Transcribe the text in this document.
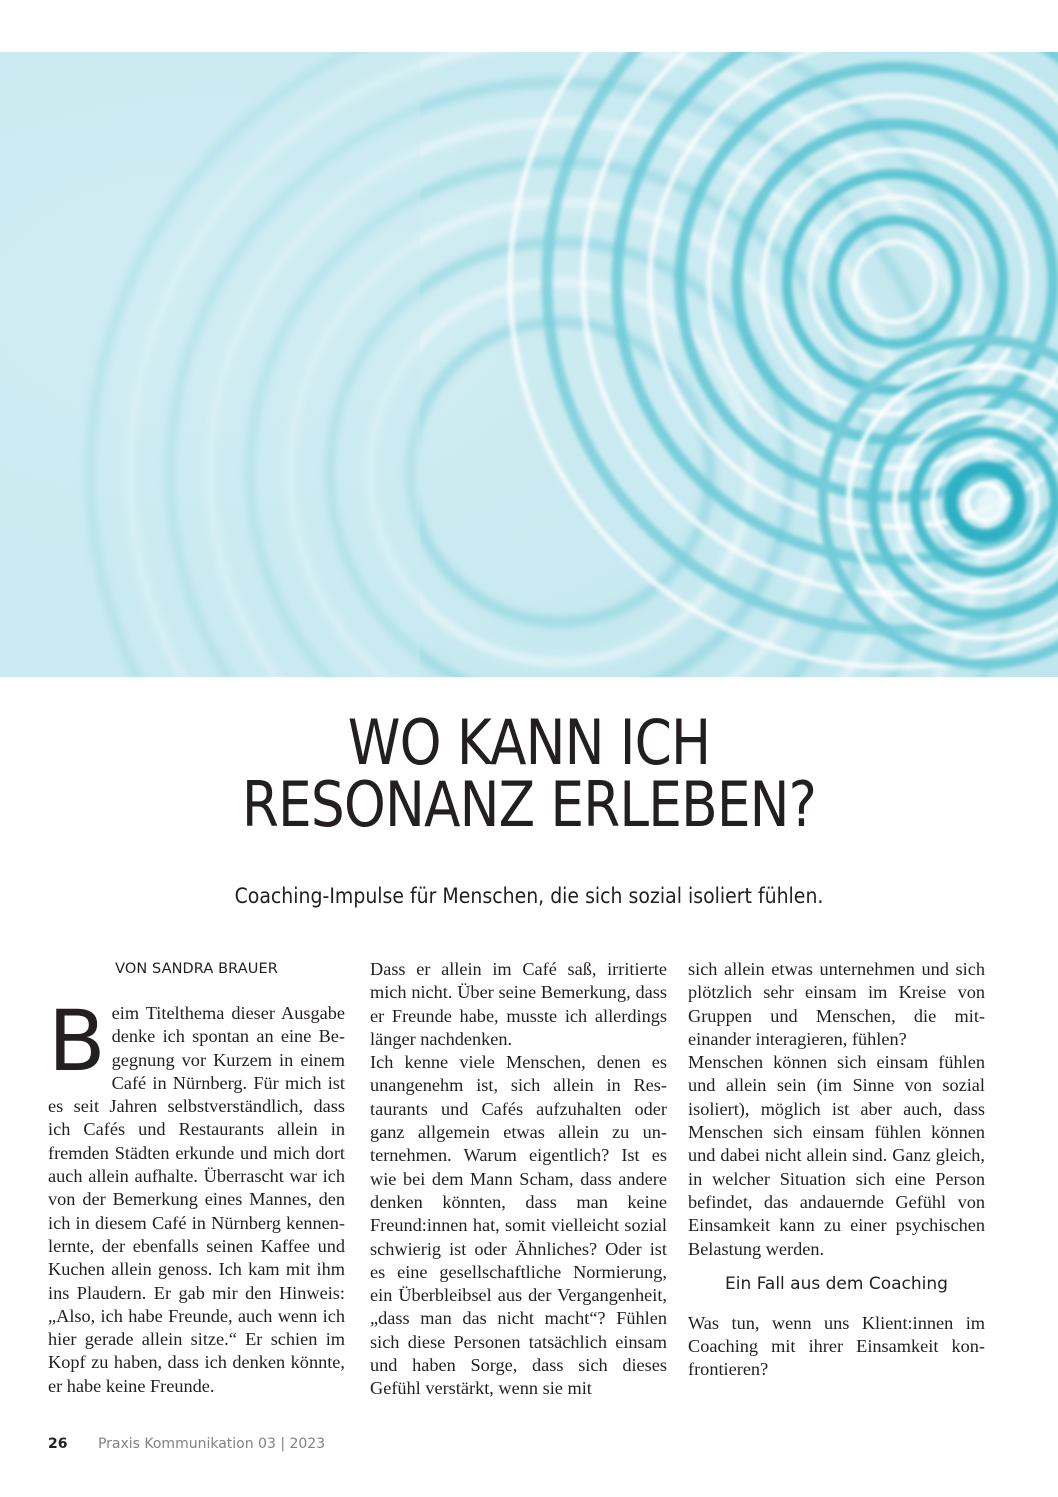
WO KANN ICH
RESONANZ ERLEBEN?
Coaching-Impulse für Menschen, die sich sozial isoliert fühlen.
VON SANDRA BRAUER
B eim Titelthema dieser Ausgabe denke ich spontan an eine Begegnung vor Kurzem in einem Café in Nürnberg. Für mich ist es seit Jahren selbstverständlich, dass ich Cafés und Restaurants allein in fremden Städten erkunde und mich dort auch allein aufhalte. Überrascht war ich von der Bemerkung eines Mannes, den ich in diesem Café in Nürnberg kennenlernte, der ebenfalls seinen Kaffee und Kuchen allein genoss. Ich kam mit ihm ins Plaudern. Er gab mir den Hinweis: „Also, ich habe Freunde, auch wenn ich hier gerade allein sitze.“ Er schien im Kopf zu haben, dass ich denken könnte, er habe keine Freunde.

Dass er allein im Café saß, irritierte mich nicht. Über seine Bemerkung, dass er Freunde habe, musste ich allerdings länger nachdenken.

Ich kenne viele Menschen, denen es unangenehm ist, sich allein in Restaurants und Cafés aufzuhalten oder ganz allgemein etwas allein zu unternehmen. Warum eigentlich? Ist es wie bei dem Mann Scham, dass andere denken könnten, dass man keine Freund:innen hat, somit vielleicht sozial schwierig ist oder Ähnliches? Oder ist es eine gesellschaftliche Normierung, ein Überbleibsel aus der Vergangenheit, „dass man das nicht macht“? Fühlen sich diese Personen tatsächlich einsam und haben Sorge, dass sich dieses Gefühl verstärkt, wenn sie mit

sich allein etwas unternehmen und sich plötzlich sehr einsam im Kreise von Gruppen und Menschen, die miteinander interagieren, fühlen?

Menschen können sich einsam fühlen und allein sein (im Sinne von sozial isoliert), möglich ist aber auch, dass Menschen sich einsam fühlen können und dabei nicht allein sind. Ganz gleich, in welcher Situation sich eine Person befindet, das andauernde Gefühl von Einsamkeit kann zu einer psychischen Belastung werden.

Ein Fall aus dem Coaching

Was tun, wenn uns Klient:innen im Coaching mit ihrer Einsamkeit konfrontieren?

26 Praxis Kommunikation 03 | 2023
